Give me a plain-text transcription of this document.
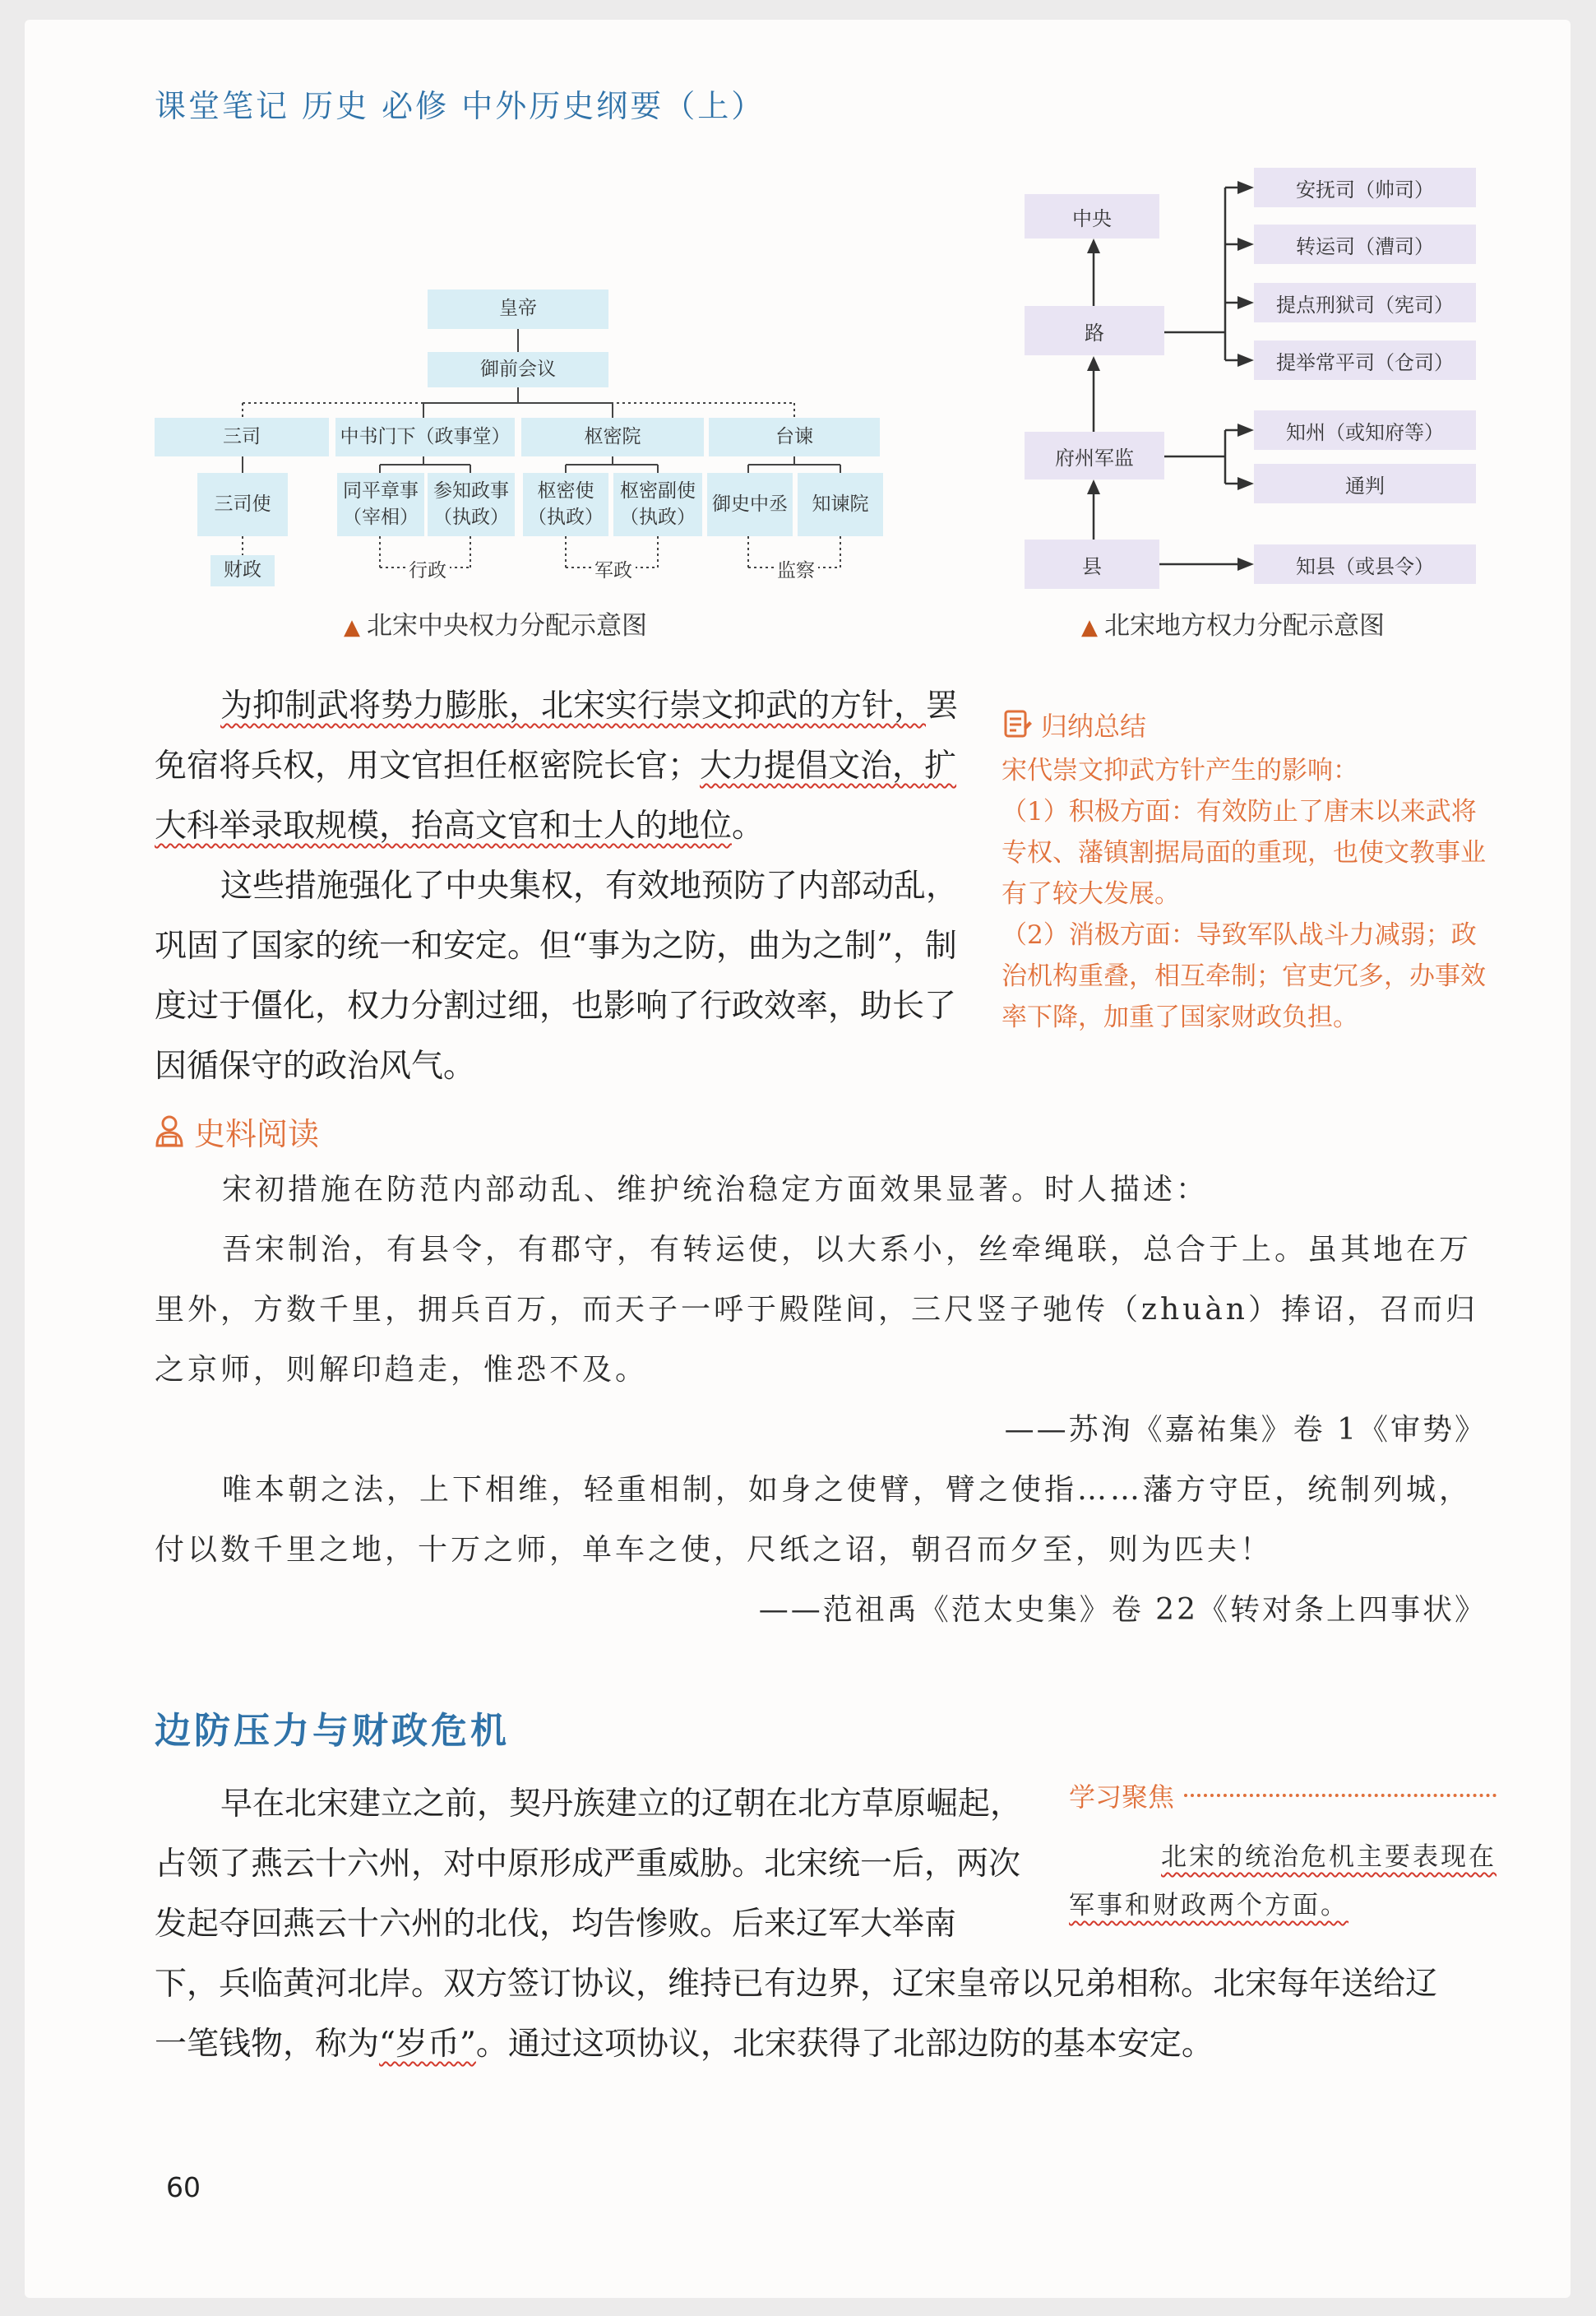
课堂笔记 历史 必修 中外历史纲要（上）
皇帝
御前会议
三司	中书门下（政事堂）	枢密院	台谏
三司使
同平章事
（宰相）
参知政事
（执政）
枢密使
（执政）
枢密副使
（执政）
御史中丞	知谏院
财政	行政	军政	监察
▲ 北宋中央权力分配示意图
中央
路
府州军监
县
安抚司（帅司）
转运司（漕司）
提点刑狱司（宪司）
提举常平司（仓司）
知州（或知府等）
通判
知县（或县令）
▲ 北宋地方权力分配示意图

为抑制武将势力膨胀，北宋实行崇文抑武的方针，罢免宿将兵权，用文官担任枢密院长官；大力提倡文治，扩大科举录取规模，抬高文官和士人的地位。

这些措施强化了中央集权，有效地预防了内部动乱，巩固了国家的统一和安定。但“事为之防，曲为之制”，制度过于僵化，权力分割过细，也影响了行政效率，助长了因循保守的政治风气。

归纳总结

宋代崇文抑武方针产生的影响：

（1）积极方面：有效防止了唐末以来武将专权、藩镇割据局面的重现，也使文教事业有了较大发展。

（2）消极方面：导致军队战斗力减弱；政治机构重叠，相互牵制；官吏冗多，办事效率下降，加重了国家财政负担。

史料阅读

宋初措施在防范内部动乱、维护统治稳定方面效果显著。时人描述：

吾宋制治，有县令，有郡守，有转运使，以大系小，丝牵绳联，总合于上。虽其地在万里外，方数千里，拥兵百万，而天子一呼于殿陛间，三尺竖子驰传（zhuàn）捧诏，召而归之京师，则解印趋走，惟恐不及。

——苏洵《嘉祐集》卷 1《审势》

唯本朝之法，上下相维，轻重相制，如身之使臂，臂之使指……藩方守臣，统制列城，付以数千里之地，十万之师，单车之使，尺纸之诏，朝召而夕至，则为匹夫！

——范祖禹《范太史集》卷 22《转对条上四事状》
边防压力与财政危机

早在北宋建立之前，契丹族建立的辽朝在北方草原崛起，占领了燕云十六州，对中原形成严重威胁。北宋统一后，两次发起夺回燕云十六州的北伐，均告惨败。后来辽军大举南

下，兵临黄河北岸。双方签订协议，维持已有边界，辽宋皇帝以兄弟相称。北宋每年送给辽

一笔钱物，称为“岁币”。通过这项协议，北宋获得了北部边防的基本安定。

学习聚焦
北宋的统治危机主要表现在
军事和财政两个方面。
60
